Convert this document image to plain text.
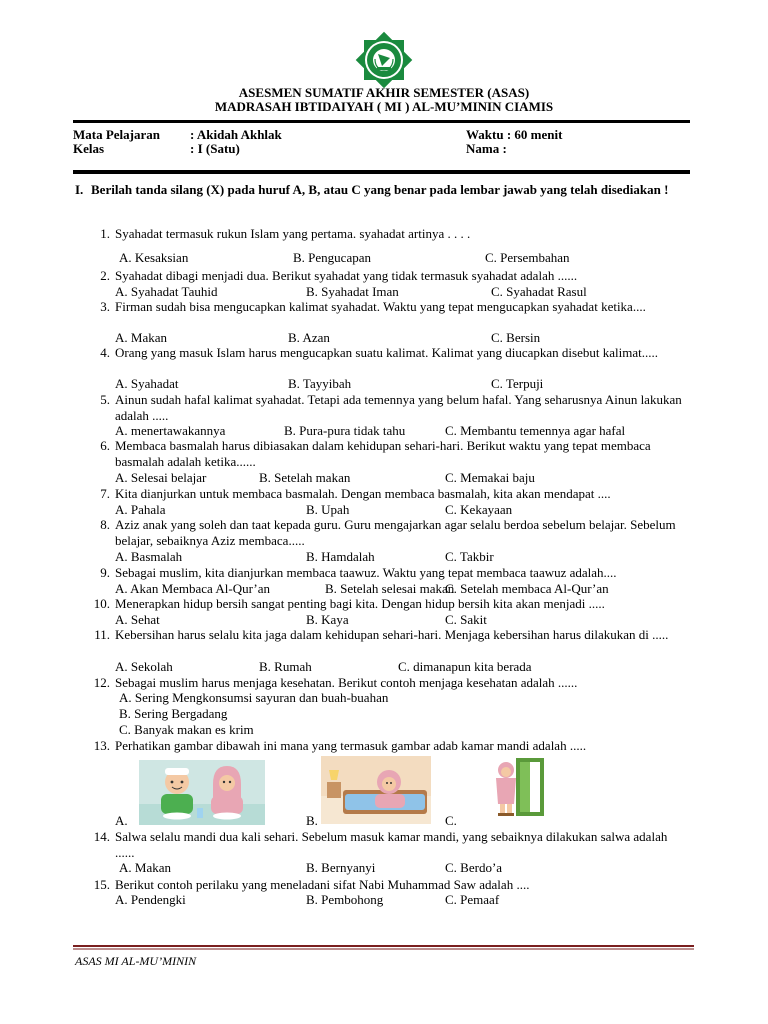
ASESMEN SUMATIF AKHIR SEMESTER (ASAS)
MADRASAH IBTIDAIYAH ( MI ) AL-MU’MININ CIAMIS
Mata Pelajaran : Akidah Akhlak
Kelas	: I (Satu)
Waktu : 60 menit
Nama :
I. Berilah tanda silang (X) pada huruf A, B, atau C yang benar pada lembar jawab yang telah disediakan !
1. Syahadat termasuk rukun Islam yang pertama. syahadat artinya . . . .
A. Kesaksian	B. Pengucapan	C. Persembahan
2. Syahadat dibagi menjadi dua. Berikut syahadat yang tidak termasuk syahadat adalah ......
A. Syahadat Tauhid	B. Syahadat Iman	C. Syahadat Rasul
3. Firman sudah bisa mengucapkan kalimat syahadat. Waktu yang tepat mengucapkan syahadat ketika....
A. Makan	B. Azan	C. Bersin
4. Orang yang masuk Islam harus mengucapkan suatu kalimat. Kalimat yang diucapkan disebut kalimat.....
A. Syahadat	B. Tayyibah	C. Terpuji
5. Ainun sudah hafal kalimat syahadat. Tetapi ada temennya yang belum hafal. Yang seharusnya Ainun lakukan adalah .....
A. menertawakannya	B. Pura-pura tidak tahu	C. Membantu temennya agar hafal
6. Membaca basmalah harus dibiasakan dalam kehidupan sehari-hari. Berikut waktu yang tepat membaca basmalah adalah ketika......
A. Selesai belajar	B. Setelah makan	C. Memakai baju
7. Kita dianjurkan untuk membaca basmalah. Dengan membaca basmalah, kita akan mendapat ....
A. Pahala	B. Upah	C. Kekayaan
8. Aziz anak yang soleh dan taat kepada guru. Guru mengajarkan agar selalu berdoa sebelum belajar. Sebelum belajar, sebaiknya Aziz membaca.....
A. Basmalah	B. Hamdalah	C. Takbir
9. Sebagai muslim, kita dianjurkan membaca taawuz. Waktu yang tepat membaca taawuz adalah....
A. Akan Membaca Al-Qur’an	B. Setelah selesai makan
C. Setelah membaca Al-Qur’an
10. Menerapkan hidup bersih sangat penting bagi kita. Dengan hidup bersih kita akan menjadi .....
A. Sehat	B. Kaya	C. Sakit
11. Kebersihan harus selalu kita jaga dalam kehidupan sehari-hari. Menjaga kebersihan harus dilakukan di .....
A. Sekolah	B. Rumah	C. dimanapun kita berada
12. Sebagai muslim harus menjaga kesehatan. Berikut contoh menjaga kesehatan adalah ......
A. Sering Mengkonsumsi sayuran dan buah-buahan
B. Sering Bergadang
C. Banyak makan es krim
13. Perhatikan gambar dibawah ini mana yang termasuk gambar adab kamar mandi adalah .....
A.	B.	C.
14. Salwa selalu mandi dua kali sehari. Sebelum masuk kamar mandi, yang sebaiknya dilakukan salwa adalah ......
A. Makan	B. Bernyanyi	C. Berdo’a
15. Berikut contoh perilaku yang meneladani sifat Nabi Muhammad Saw adalah ....
A. Pendengki	B. Pembohong	C. Pemaaf
ASAS MI AL-MU’MININ
